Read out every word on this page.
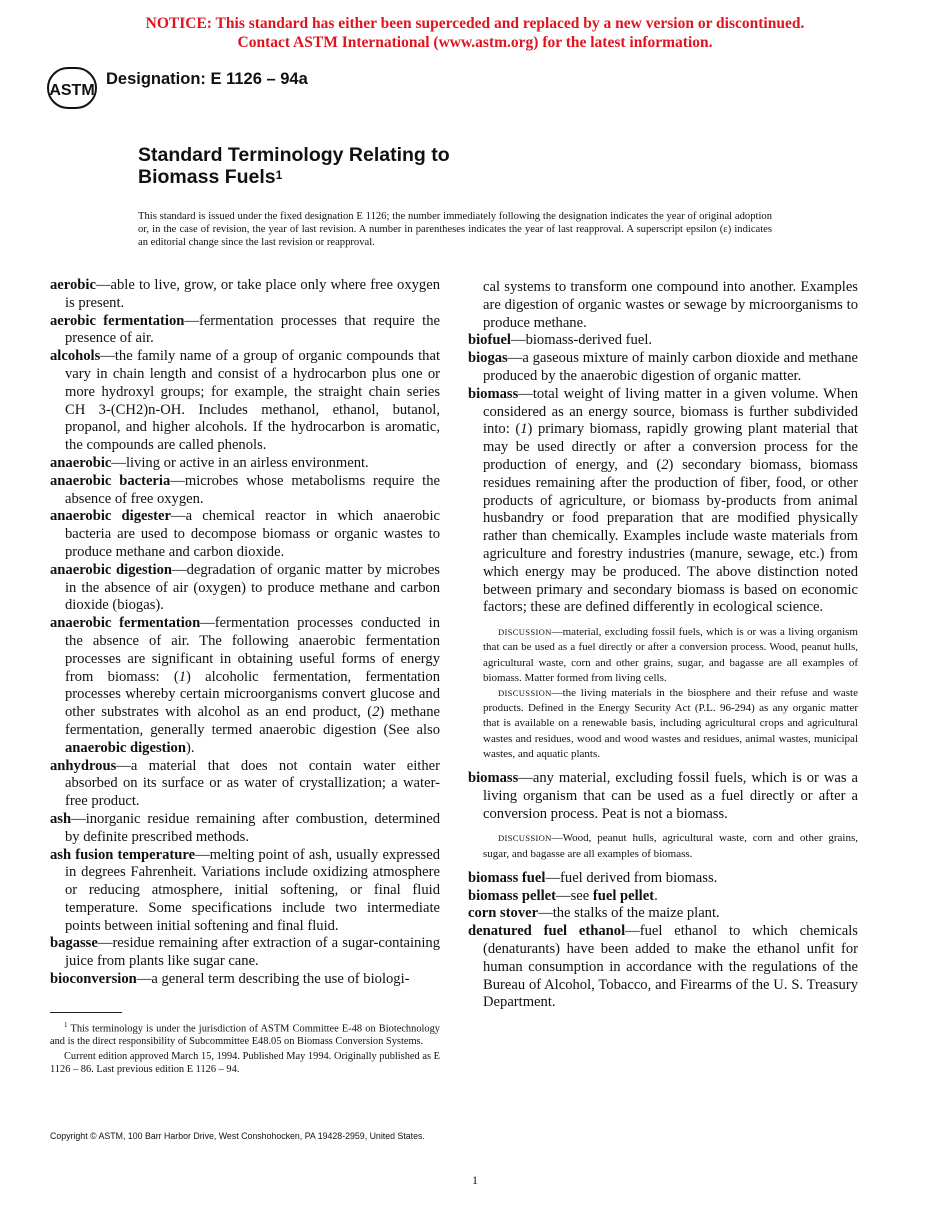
NOTICE: This standard has either been superceded and replaced by a new version or discontinued.
Contact ASTM International (www.astm.org) for the latest information.
ASTM
Designation: E 1126 – 94a
Standard Terminology Relating to
Biomass Fuels$^1$
This standard is issued under the fixed designation E 1126; the number immediately following the designation indicates the year of original adoption or, in the case of revision, the year of last revision. A number in parentheses indicates the year of last reapproval. A superscript epsilon (ε) indicates an editorial change since the last revision or reapproval.

aerobic—able to live, grow, or take place only where free oxygen is present.

aerobic fermentation—fermentation processes that require the presence of air.

alcohols—the family name of a group of organic compounds that vary in chain length and consist of a hydrocarbon plus one or more hydroxyl groups; for example, the straight chain series CH 3-(CH2)n-OH. Includes methanol, ethanol, butanol, propanol, and higher alcohols. If the hydrocarbon is aromatic, the compounds are called phenols.

anaerobic—living or active in an airless environment.

anaerobic bacteria—microbes whose metabolisms require the absence of free oxygen.

anaerobic digester—a chemical reactor in which anaerobic bacteria are used to decompose biomass or organic wastes to produce methane and carbon dioxide.

anaerobic digestion—degradation of organic matter by microbes in the absence of air (oxygen) to produce methane and carbon dioxide (biogas).

anaerobic fermentation—fermentation processes conducted in the absence of air. The following anaerobic fermentation processes are significant in obtaining useful forms of energy from biomass: (1) alcoholic fermentation, fermentation processes whereby certain microorganisms convert glucose and other substrates with alcohol as an end product, (2) methane fermentation, generally termed anaerobic digestion (See also anaerobic digestion).

anhydrous—a material that does not contain water either absorbed on its surface or as water of crystallization; a water-free product.

ash—inorganic residue remaining after combustion, determined by definite prescribed methods.

ash fusion temperature—melting point of ash, usually expressed in degrees Fahrenheit. Variations include oxidizing atmosphere or reducing atmosphere, initial softening, or final fluid temperature. Some specifications include two intermediate points between initial softening and final fluid.

bagasse—residue remaining after extraction of a sugar-containing juice from plants like sugar cane.

bioconversion—a general term describing the use of biologi-

$^1$ This terminology is under the jurisdiction of ASTM Committee E-48 on Biotechnology and is the direct responsibility of Subcommittee E48.05 on Biomass Conversion Systems.

Current edition approved March 15, 1994. Published May 1994. Originally published as E 1126 – 86. Last previous edition E 1126 – 94.

cal systems to transform one compound into another. Examples are digestion of organic wastes or sewage by microorganisms to produce methane.

biofuel—biomass-derived fuel.

biogas—a gaseous mixture of mainly carbon dioxide and methane produced by the anaerobic digestion of organic matter.

biomass—total weight of living matter in a given volume. When considered as an energy source, biomass is further subdivided into: (1) primary biomass, rapidly growing plant material that may be used directly or after a conversion process for the production of energy, and (2) secondary biomass, biomass residues remaining after the production of fiber, food, or other products of agriculture, or biomass by-products from animal husbandry or food preparation that are modified physically rather than chemically. Examples include waste materials from agriculture and forestry industries (manure, sewage, etc.) from which energy may be produced. The above distinction noted between primary and secondary biomass is based on economic factors; these are defined differently in ecological science.

DISCUSSION—material, excluding fossil fuels, which is or was a living organism that can be used as a fuel directly or after a conversion process. Wood, peanut hulls, agricultural waste, corn and other grains, sugar, and bagasse are all examples of biomass. Matter formed from living cells.

DISCUSSION—the living materials in the biosphere and their refuse and waste products. Defined in the Energy Security Act (P.L. 96-294) as any organic matter that is available on a renewable basis, including agricultural crops and agricultural wastes and residues, wood and wood wastes and residues, animal wastes, municipal wastes, and aquatic plants.

biomass—any material, excluding fossil fuels, which is or was a living organism that can be used as a fuel directly or after a conversion process. Peat is not a biomass.

DISCUSSION—Wood, peanut hulls, agricultural waste, corn and other grains, sugar, and bagasse are all examples of biomass.

biomass fuel—fuel derived from biomass.

biomass pellet—see fuel pellet.

corn stover—the stalks of the maize plant.

denatured fuel ethanol—fuel ethanol to which chemicals (denaturants) have been added to make the ethanol unfit for human consumption in accordance with the regulations of the Bureau of Alcohol, Tobacco, and Firearms of the U. S. Treasury Department.

Copyright © ASTM, 100 Barr Harbor Drive, West Conshohocken, PA 19428-2959, United States.
1
